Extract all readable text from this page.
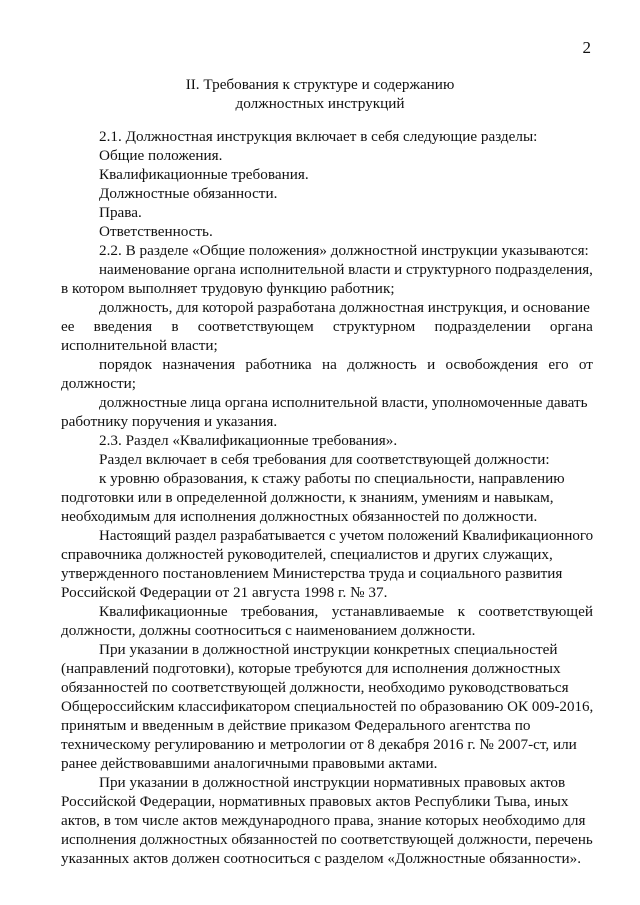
2
II. Требования к структуре и содержанию
должностных инструкций
2.1. Должностная инструкция включает в себя следующие разделы:
Общие положения.
Квалификационные требования.
Должностные обязанности.
Права.
Ответственность.
2.2. В разделе «Общие положения» должностной инструкции указываются:
наименование органа исполнительной власти и структурного подразделения,
в котором выполняет трудовую функцию работник;
должность, для которой разработана должностная инструкция, и основание
ее введения в соответствующем структурном подразделении органа
исполнительной власти;
порядок назначения работника на должность и освобождения его от
должности;
должностные лица органа исполнительной власти, уполномоченные давать
работнику поручения и указания.
2.3. Раздел «Квалификационные требования».
Раздел включает в себя требования для соответствующей должности:
к уровню образования, к стажу работы по специальности, направлению
подготовки или в определенной должности, к знаниям, умениям и навыкам,
необходимым для исполнения должностных обязанностей по должности.
Настоящий раздел разрабатывается с учетом положений Квалификационного
справочника должностей руководителей, специалистов и других служащих,
утвержденного постановлением Министерства труда и социального развития
Российской Федерации от 21 августа 1998 г. № 37.
Квалификационные требования, устанавливаемые к соответствующей
должности, должны соотноситься с наименованием должности.
При указании в должностной инструкции конкретных специальностей
(направлений подготовки), которые требуются для исполнения должностных
обязанностей по соответствующей должности, необходимо руководствоваться
Общероссийским классификатором специальностей по образованию ОК 009-2016,
принятым и введенным в действие приказом Федерального агентства по
техническому регулированию и метрологии от 8 декабря 2016 г. № 2007-ст, или
ранее действовавшими аналогичными правовыми актами.
При указании в должностной инструкции нормативных правовых актов
Российской Федерации, нормативных правовых актов Республики Тыва, иных
актов, в том числе актов международного права, знание которых необходимо для
исполнения должностных обязанностей по соответствующей должности, перечень
указанных актов должен соотноситься с разделом «Должностные обязанности».
